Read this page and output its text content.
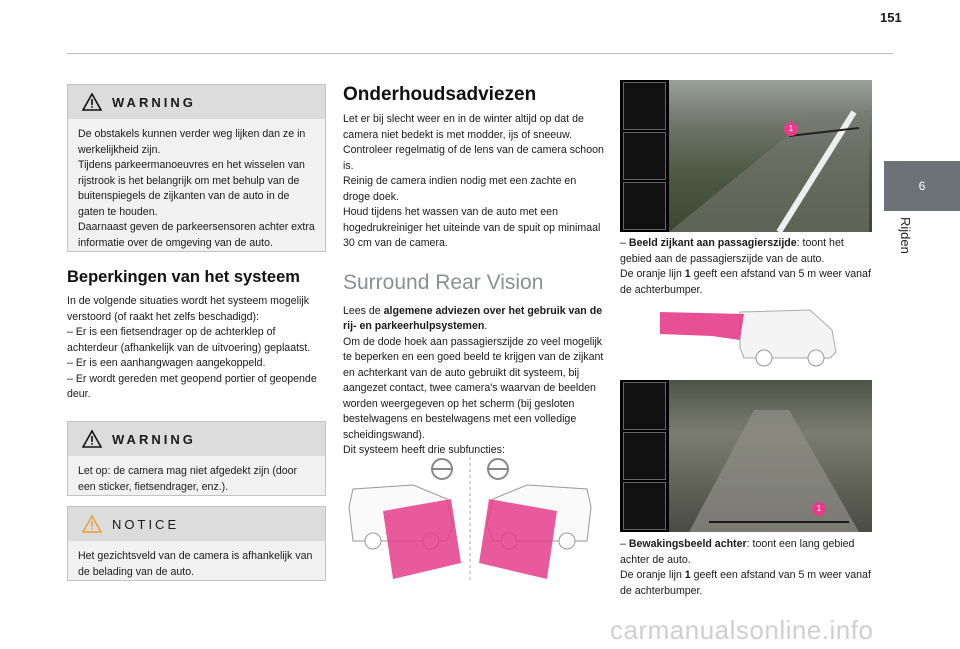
151
6
Rijden
WARNING
De obstakels kunnen verder weg lijken dan ze in werkelijkheid zijn.
Tijdens parkeermanoeuvres en het wisselen van rijstrook is het belangrijk om met behulp van de buitenspiegels de zijkanten van de auto in de gaten te houden.
Daarnaast geven de parkeersensoren achter extra informatie over de omgeving van de auto.
Beperkingen van het systeem

In de volgende situaties wordt het systeem mogelijk verstoord (of raakt het zelfs beschadigd):

– Er is een fietsendrager op de achterklep of achterdeur (afhankelijk van de uitvoering) geplaatst.

– Er is een aanhangwagen aangekoppeld.

– Er wordt gereden met geopend portier of geopende deur.

WARNING
Let op: de camera mag niet afgedekt zijn (door een sticker, fietsendrager, enz.).
NOTICE
Het gezichtsveld van de camera is afhankelijk van de belading van de auto.
Onderhoudsadviezen

Let er bij slecht weer en in de winter altijd op dat de camera niet bedekt is met modder, ijs of sneeuw.
Controleer regelmatig of de lens van de camera schoon is.
Reinig de camera indien nodig met een zachte en droge doek.
Houd tijdens het wassen van de auto met een hogedrukreiniger het uiteinde van de spuit op minimaal 30 cm van de camera.

Surround Rear Vision

Lees de algemene adviezen over het gebruik van de rij- en parkeerhulpsystemen.

Om de dode hoek aan passagierszijde zo veel mogelijk te beperken en een goed beeld te krijgen van de zijkant en achterkant van de auto gebruikt dit systeem, bij aangezet contact, twee camera's waarvan de beelden worden weergegeven op het scherm (bij gesloten bestelwagens en bestelwagens met een volledige scheidingswand).
Dit systeem heeft drie subfuncties:

1

– Beeld zijkant aan passagierszijde: toont het gebied aan de passagierszijde van de auto.

De oranje lijn 1 geeft een afstand van 5 m weer vanaf de achterbumper.

1

– Bewakingsbeeld achter: toont een lang gebied achter de auto.

De oranje lijn 1 geeft een afstand van 5 m weer vanaf de achterbumper.

carmanualsonline.info
